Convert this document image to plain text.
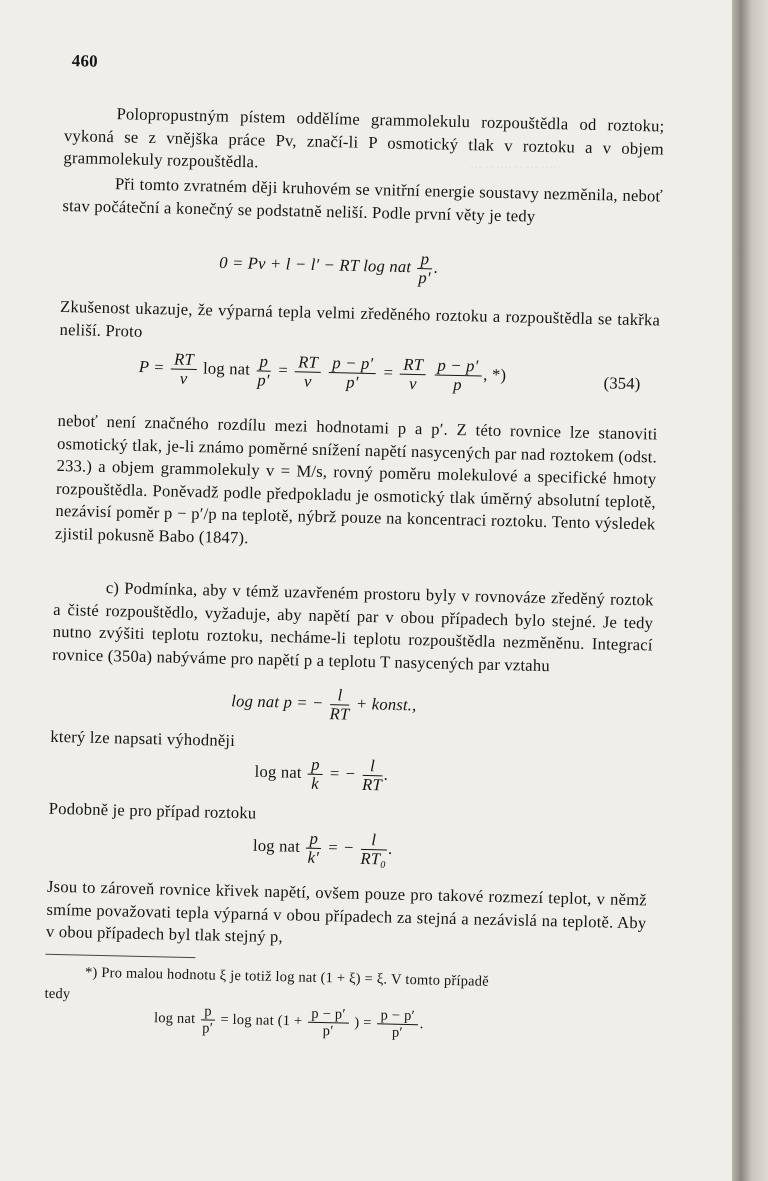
··· ·· ···· ·· ··· ····
460
Polopropustným pístem oddělíme grammolekulu rozpouštědla od roztoku; vykoná se z vnějška práce Pv, značí-li P osmotický tlak v roztoku a v objem grammolekuly rozpouštědla.
Při tomto zvratném ději kruhovém se vnitřní energie soustavy nezměnila, neboť stav počáteční a konečný se podstatně neliší. Podle první věty je tedy
0 = Pv + l − l′ − RT log nat $\frac{p}{p'}$ .
Zkušenost ukazuje, že výparná tepla velmi zředěného roztoku a rozpouštědla se takřka neliší. Proto
$P = \frac{RT}{v}$ log nat $\frac{p}{p'} = \frac{RT}{v}$
$\frac{p - p'}{p'} = \frac{RT}{v}$
$\frac{p - p'}{p}$ , *)	(354)
neboť není značného rozdílu mezi hodnotami p a p′. Z této rovnice lze stanoviti osmotický tlak, je-li známo poměrné snížení napětí nasycených par nad roztokem (odst. 233.) a objem grammolekuly v = M/s, rovný poměru molekulové a specifické hmoty rozpouštědla. Poněvadž podle předpokladu je osmotický tlak úměrný absolutní teplotě, nezávisí poměr p − p′/p na teplotě, nýbrž pouze na koncentraci roztoku. Tento výsledek zjistil pokusně Babo (1847).
c) Podmínka, aby v témž uzavřeném prostoru byly v rovnováze zředěný roztok a čisté rozpouštědlo, vyžaduje, aby napětí par v obou případech bylo stejné. Je tedy nutno zvýšiti teplotu roztoku, necháme-li teplotu rozpouštědla nezměněnu. Integrací rovnice (350a) nabýváme pro napětí p a teplotu T nasycených par vztahu
log nat p = − $\frac{l}{RT}$ + konst.,
který lze napsati výhodněji
log nat $\frac{p}{k}$ = − $\frac{l}{RT}$ .
Podobně je pro případ roztoku
log nat $\frac{p}{k'}$ = − $\frac{l}{\text{RT₀}}$ .
Jsou to zároveň rovnice křivek napětí, ovšem pouze pro takové rozmezí teplot, v němž smíme považovati tepla výparná v obou případech za stejná a nezávislá na teplotě. Aby v obou případech byl tlak stejný p,
*) Pro malou hodnotu ξ je totiž log nat (1 + ξ) = ξ. V tomto případě
tedy
log nat $\frac{p}{p'} = \log$ nat ($1 + \frac{p - p'}{p'}$ ) = $\frac{p - p'}{p'}$ .
